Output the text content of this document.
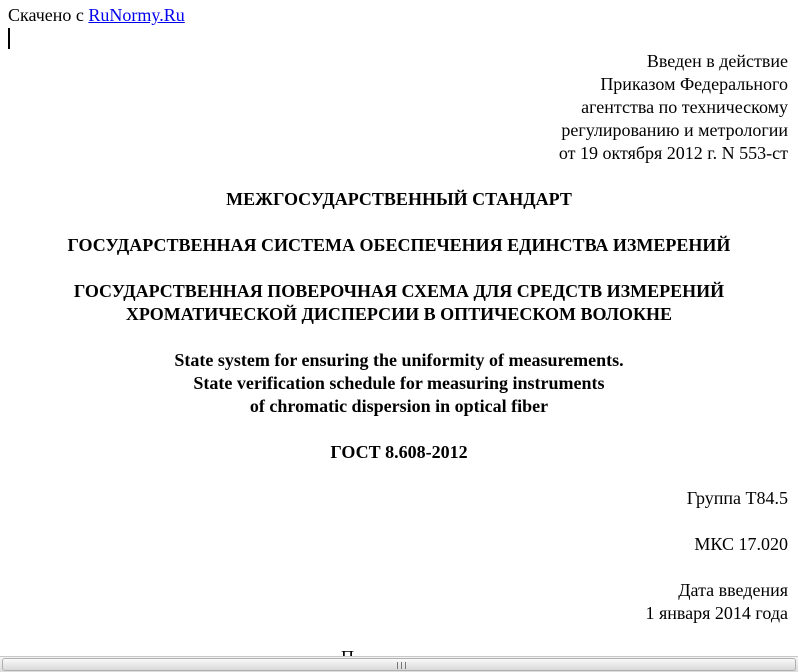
Скачено с RuNormy.Ru
Введен в действие
Приказом Федерального
агентства по техническому
регулированию и метрологии
от 19 октября 2012 г. N 553-ст
МЕЖГОСУДАРСТВЕННЫЙ СТАНДАРТ
ГОСУДАРСТВЕННАЯ СИСТЕМА ОБЕСПЕЧЕНИЯ ЕДИНСТВА ИЗМЕРЕНИЙ
ГОСУДАРСТВЕННАЯ ПОВЕРОЧНАЯ СХЕМА ДЛЯ СРЕДСТВ ИЗМЕРЕНИЙ
ХРОМАТИЧЕСКОЙ ДИСПЕРСИИ В ОПТИЧЕСКОМ ВОЛОКНЕ
State system for ensuring the uniformity of measurements.
State verification schedule for measuring instruments
of chromatic dispersion in optical fiber
ГОСТ 8.608-2012
Группа Т84.5
МКС 17.020
Дата введения
1 января 2014 года
